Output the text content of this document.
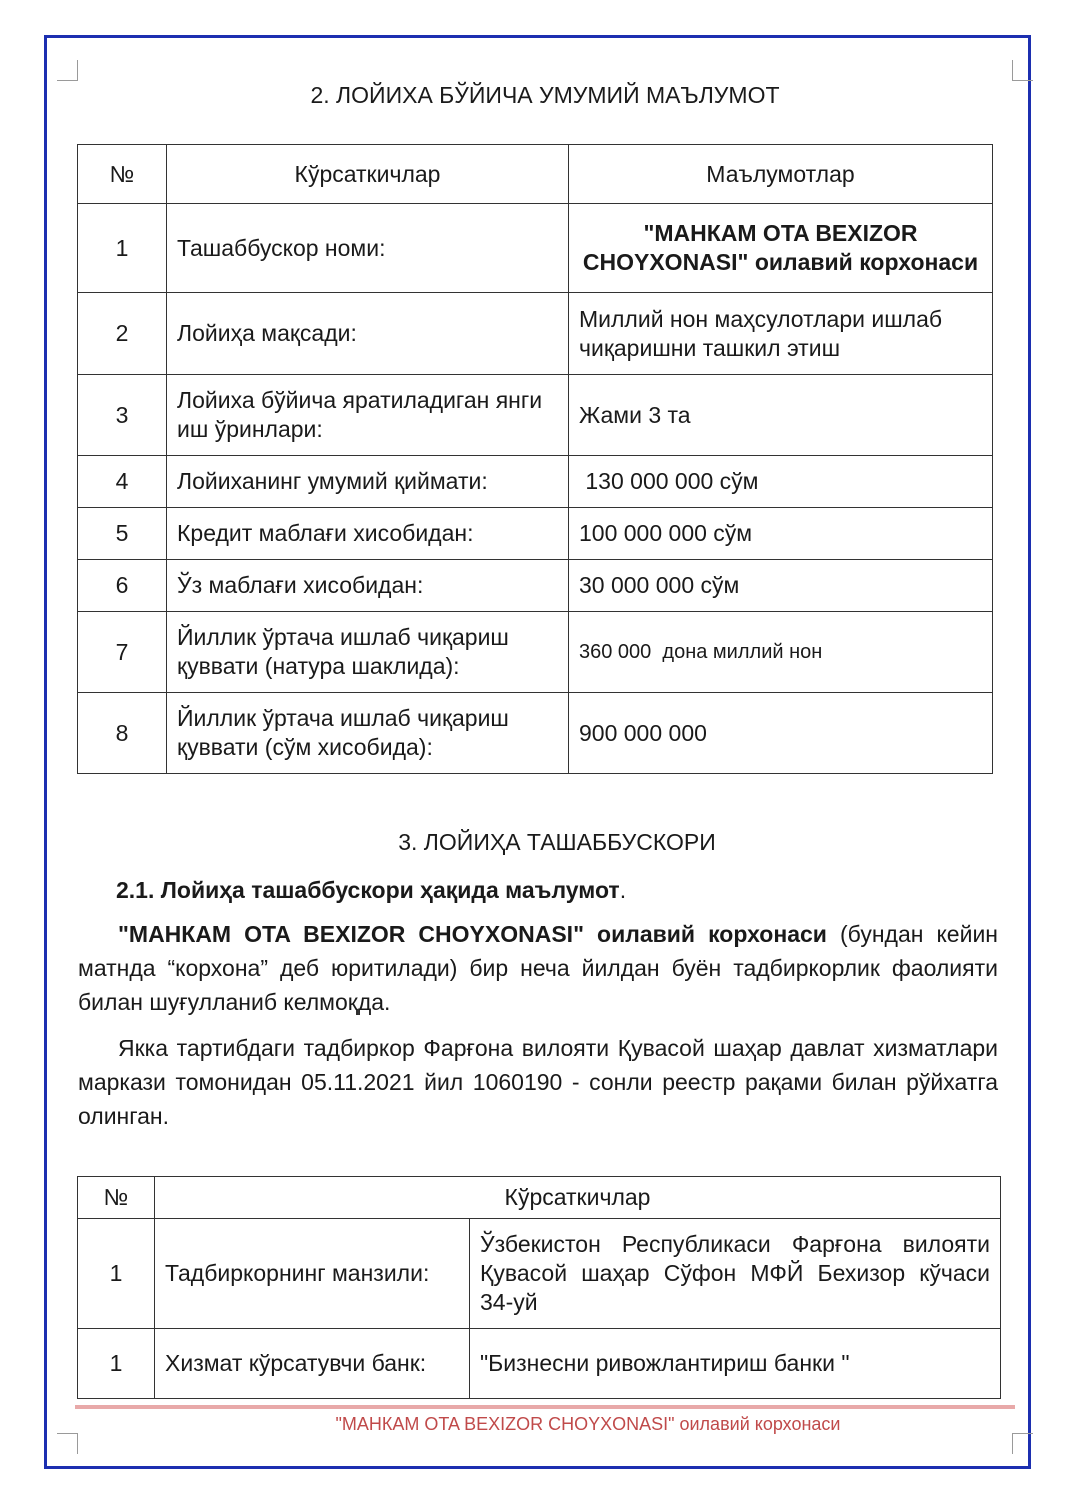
2. ЛОЙИХА БЎЙИЧА УМУМИЙ МАЪЛУМОТ
№	Кўрсаткичлар	Маълумотлар
1	Ташаббускор номи:	"MАНКAM OTA BEXIZOR CHOYXONASI" оилавий корхонаси
2	Лойиҳа мақсади:	Миллий нон маҳсулотлари ишлаб чиқаришни ташкил этиш
3	Лойиха бўйича яратиладиган янги иш ўринлари:	Жами 3 та
4	Лойиханинг умумий қиймати:	130 000 000 сўм
5	Кредит маблағи хисобидан:	100 000 000 сўм
6	Ўз маблағи хисобидан:	30 000 000 сўм
7	Йиллик ўртача ишлаб чиқариш қуввати (натура шаклида):	360 000  дона миллий нон
8	Йиллик ўртача ишлаб чиқариш қуввати (сўм хисобида):	900 000 000
3. ЛОЙИҲА ТАШАББУСКОРИ

2.1. Лойиҳа ташаббускори ҳақида маълумот.

"MАНКAM OTA BEXIZOR CHOYXONASI" оилавий корхонаси (бундан кейин матнда “корхона” деб юритилади) бир неча йилдан буён тадбиркорлик фаолияти билан шуғулланиб келмоқда.

Якка тартибдаги тадбиркор Фарғона вилояти Қувасой шаҳар давлат хизматлари маркази томонидан 05.11.2021 йил 1060190 - сонли реестр рақами билан рўйхатга олинган.

№	Кўрсаткичлар	
1	Тадбиркорнинг манзили:	Ўзбекистон Республикаси Фарғона вилояти Қувасой шаҳар Сўфон МФЙ Бехизор кўчаси 34-уй
1	Хизмат кўрсатувчи банк:	"Бизнесни ривожлантириш банки "
"MАНКAM OTA BEXIZOR CHOYXONASI" оилавий корхонаси
